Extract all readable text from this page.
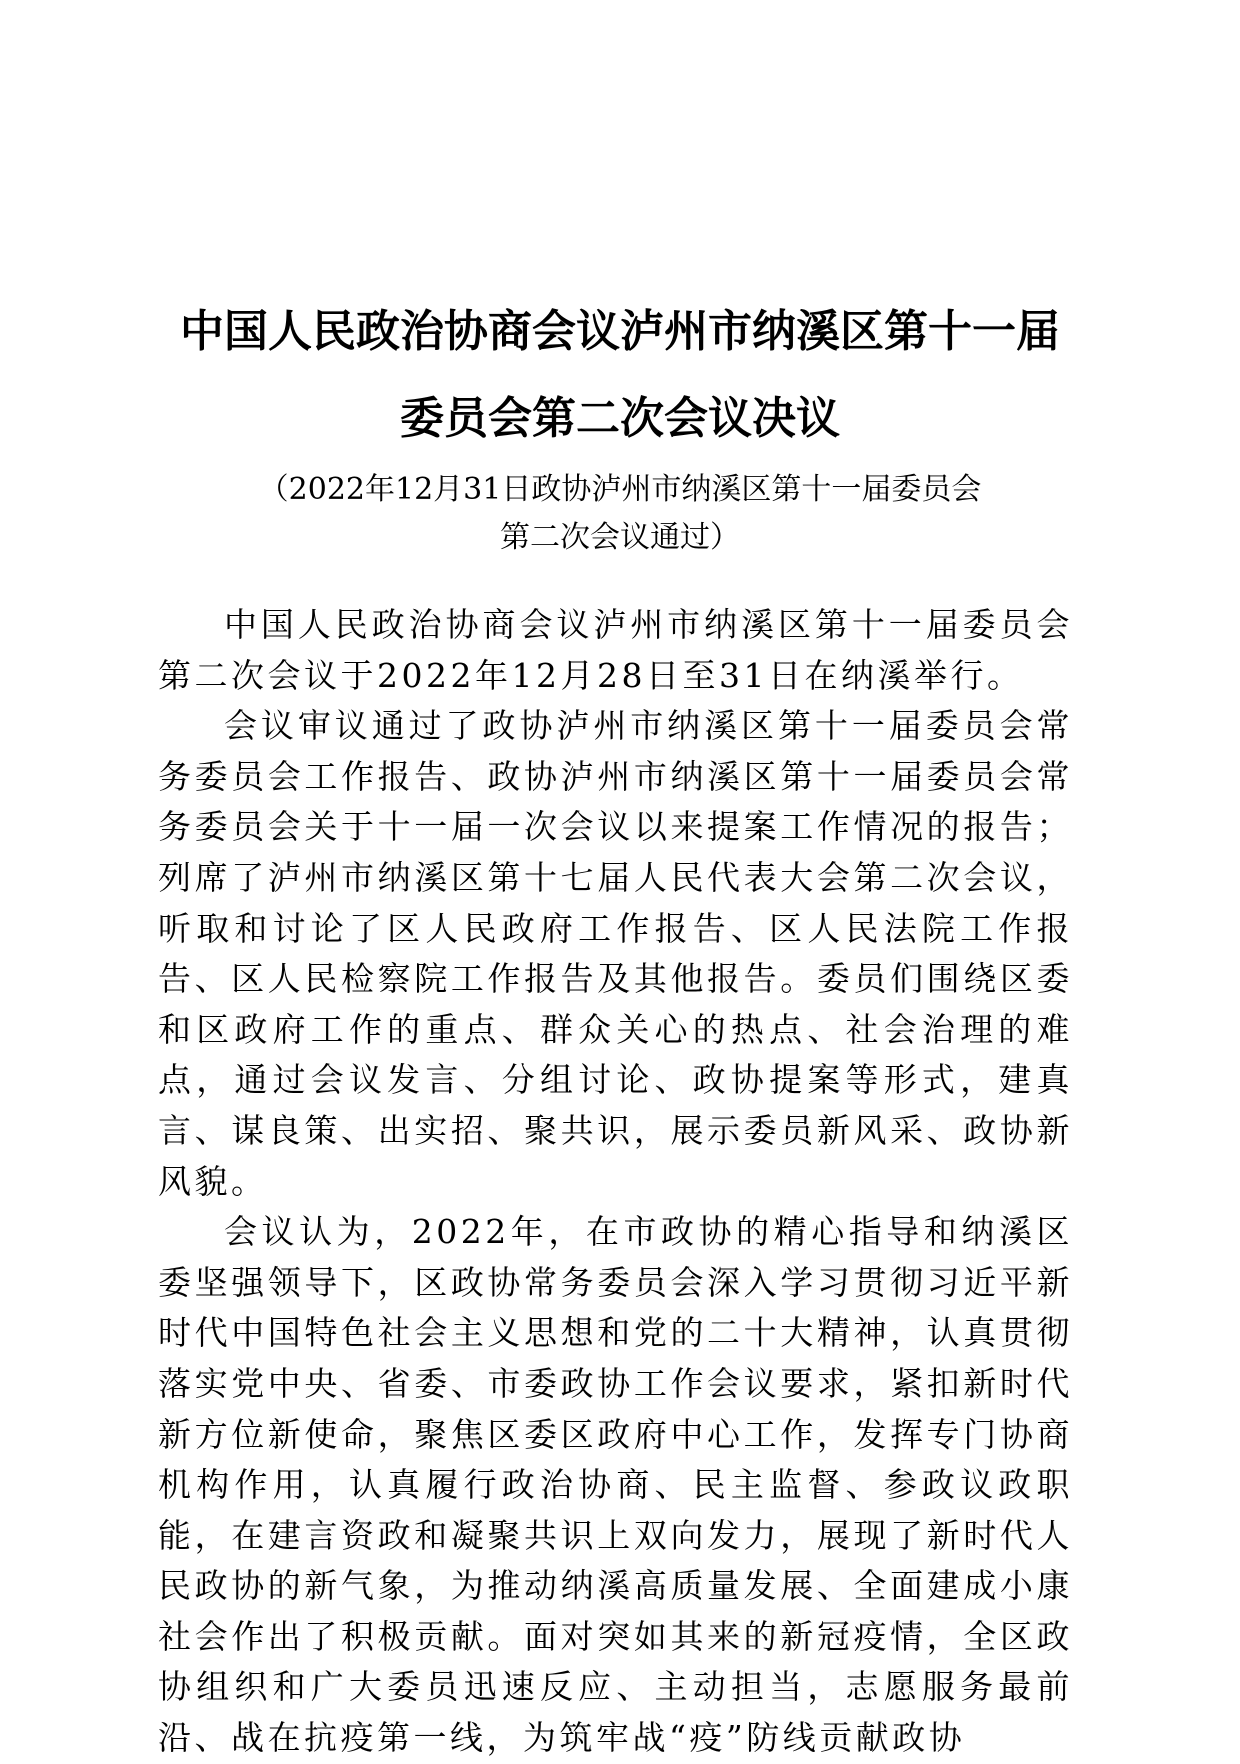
中国人民政治协商会议泸州市纳溪区第十一届
委员会第二次会议决议
（2022年12月31日政协泸州市纳溪区第十一届委员会
第二次会议通过）

中国人民政治协商会议泸州市纳溪区第十一届委员会第二次会议于2022年12月28日至31日在纳溪举行。

会议审议通过了政协泸州市纳溪区第十一届委员会常务委员会工作报告、政协泸州市纳溪区第十一届委员会常务委员会关于十一届一次会议以来提案工作情况的报告；列席了泸州市纳溪区第十七届人民代表大会第二次会议，听取和讨论了区人民政府工作报告、区人民法院工作报告、区人民检察院工作报告及其他报告。委员们围绕区委和区政府工作的重点、群众关心的热点、社会治理的难点，通过会议发言、分组讨论、政协提案等形式，建真言、谋良策、出实招、聚共识，展示委员新风采、政协新风貌。

会议认为，2022年，在市政协的精心指导和纳溪区委坚强领导下，区政协常务委员会深入学习贯彻习近平新时代中国特色社会主义思想和党的二十大精神，认真贯彻落实党中央、省委、市委政协工作会议要求，紧扣新时代新方位新使命，聚焦区委区政府中心工作，发挥专门协商机构作用，认真履行政治协商、民主监督、参政议政职能，在建言资政和凝聚共识上双向发力，展现了新时代人民政协的新气象，为推动纳溪高质量发展、全面建成小康社会作出了积极贡献。面对突如其来的新冠疫情，全区政协组织和广大委员迅速反应、主动担当，志愿服务最前沿、战在抗疫第一线，为筑牢战“疫”防线贡献政协
